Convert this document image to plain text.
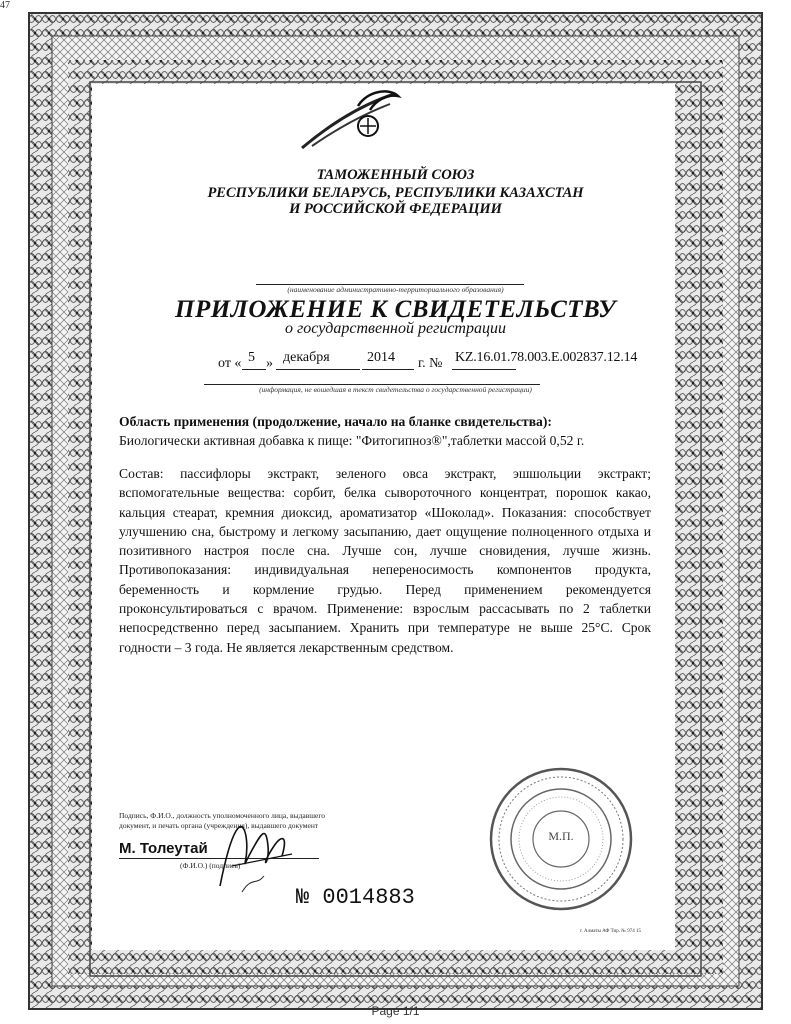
47
ТАМОЖЕННЫЙ СОЮЗ
РЕСПУБЛИКИ БЕЛАРУСЬ, РЕСПУБЛИКИ КАЗАХСТАН
И РОССИЙСКОЙ ФЕДЕРАЦИИ
(наименование административно-территориального образования)
ПРИЛОЖЕНИЕ К СВИДЕТЕЛЬСТВУ
о государственной регистрации
от « 5 » декабря	2014 г. № KZ.16.01.78.003.E.002837.12.14
(информация, не вошедшая в текст свидетельства о государственной регистрации)
Область применения (продолжение, начало на бланке свидетельства):
Биологически активная добавка к пище: "Фитогипноз®",таблетки массой 0,52 г.

Состав: пассифлоры экстракт, зеленого овса экстракт, эшшольции экстракт; вспомогательные вещества: сорбит, белка сывороточного концентрат, порошок какао, кальция стеарат, кремния диоксид, ароматизатор «Шоколад». Показания: способствует улучшению сна, быстрому и легкому засыпанию, дает ощущение полноценного отдыха и позитивного настроя после сна. Лучше сон, лучше сновидения, лучше жизнь. Противопоказания: индивидуальная непереносимость компонентов продукта, беременность и кормление грудью. Перед применением рекомендуется проконсультироваться с врачом. Применение: взрослым рассасывать по 2 таблетки непосредственно перед засыпанием. Хранить при температуре не выше 25°С. Срок годности – 3 года. Не является лекарственным средством.

Подпись, Ф.И.О., должность уполномоченного лица, выдавшего документ, и печать органа (учреждения), выдавшего документ
М. Толеутай
(Ф.И.О.) (подпись)
М.П.
№ 0014883
г. Алматы АФ Тир. № 974 15
Page 1/1
